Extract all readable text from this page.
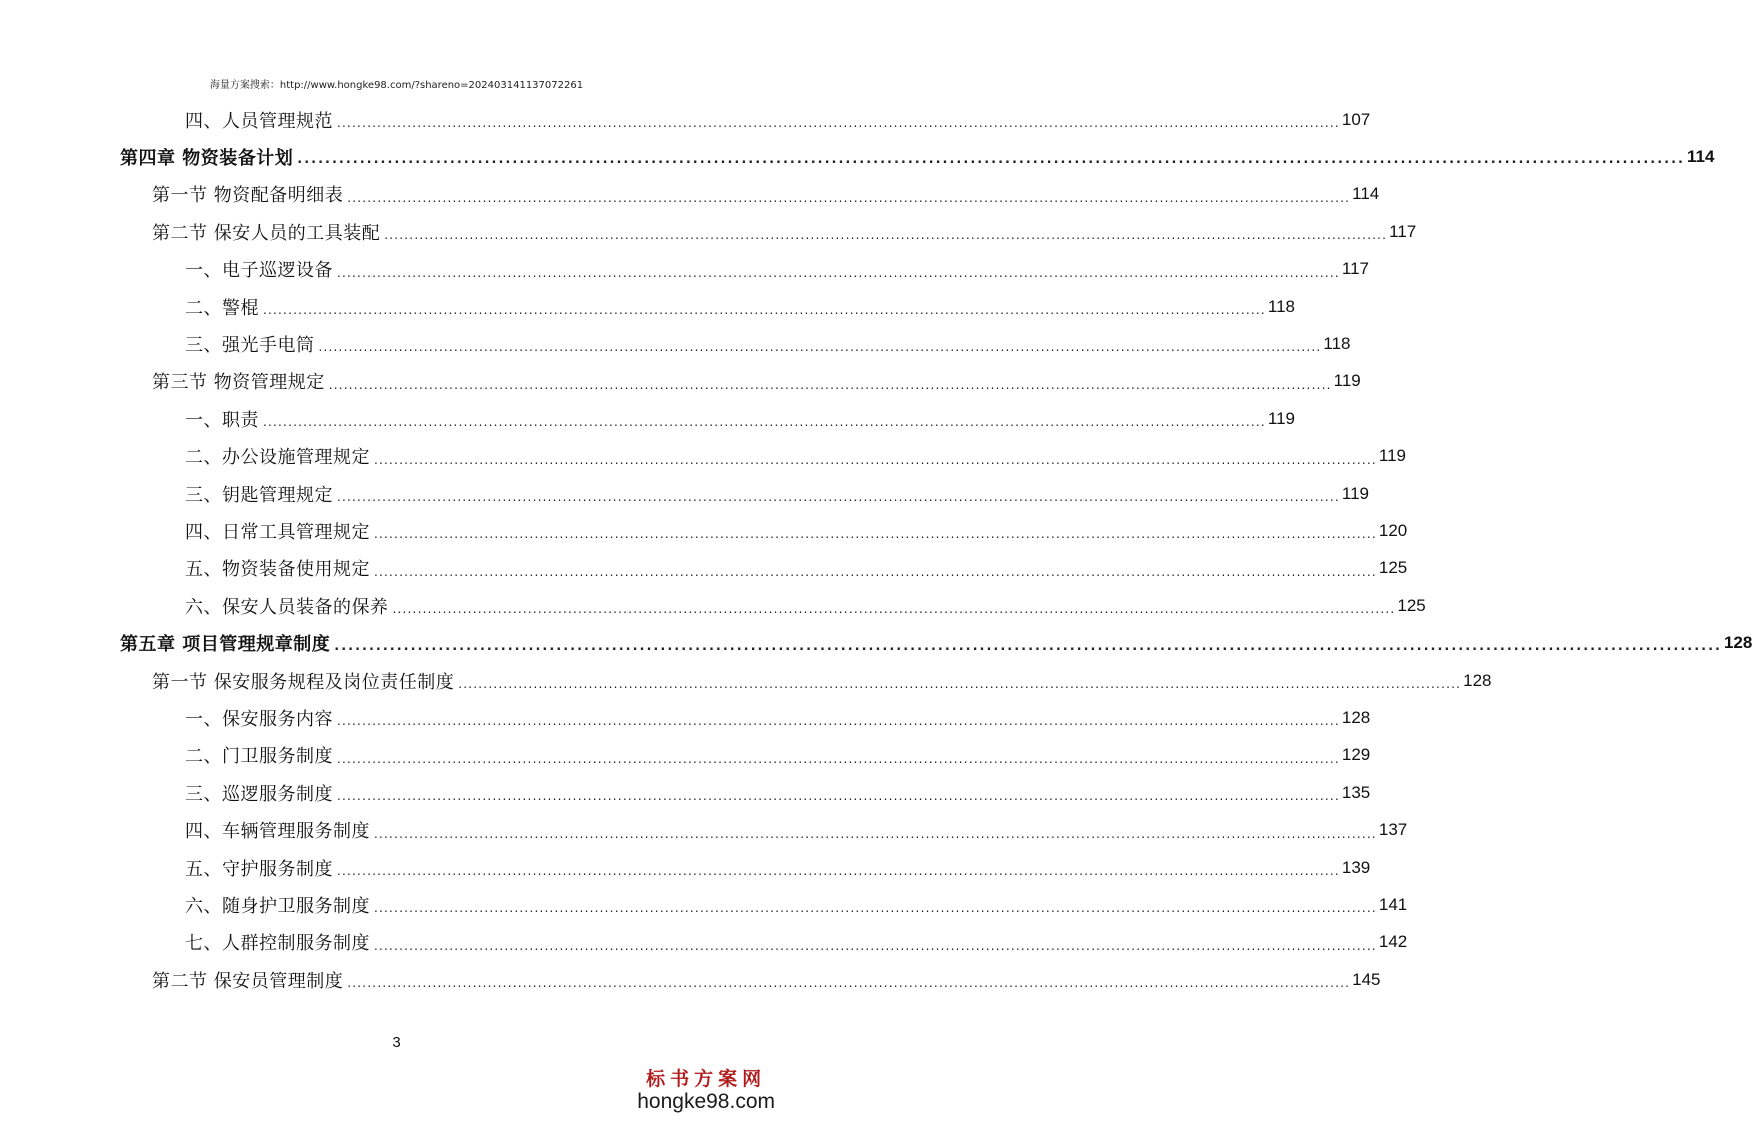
海量方案搜索：http://www.hongke98.com/?shareno=202403141137072261
四、人员管理规范 ........................................................................................................................................................................................................ 107
第四章 物资装备计划 ........................................................................................................................................................................................................ 114
第一节 物资配备明细表 ........................................................................................................................................................................................................ 114
第二节 保安人员的工具装配 ........................................................................................................................................................................................................ 117
一、电子巡逻设备 ........................................................................................................................................................................................................ 117
二、警棍 ........................................................................................................................................................................................................ 118
三、强光手电筒 ........................................................................................................................................................................................................ 118
第三节 物资管理规定 ........................................................................................................................................................................................................ 119
一、职责 ........................................................................................................................................................................................................ 119
二、办公设施管理规定 ........................................................................................................................................................................................................ 119
三、钥匙管理规定 ........................................................................................................................................................................................................ 119
四、日常工具管理规定 ........................................................................................................................................................................................................ 120
五、物资装备使用规定 ........................................................................................................................................................................................................ 125
六、保安人员装备的保养 ........................................................................................................................................................................................................ 125
第五章 项目管理规章制度 ........................................................................................................................................................................................................ 128
第一节 保安服务规程及岗位责任制度 ........................................................................................................................................................................................................ 128
一、保安服务内容 ........................................................................................................................................................................................................ 128
二、门卫服务制度 ........................................................................................................................................................................................................ 129
三、巡逻服务制度 ........................................................................................................................................................................................................ 135
四、车辆管理服务制度 ........................................................................................................................................................................................................ 137
五、守护服务制度 ........................................................................................................................................................................................................ 139
六、随身护卫服务制度 ........................................................................................................................................................................................................ 141
七、人群控制服务制度 ........................................................................................................................................................................................................ 142
第二节 保安员管理制度 ........................................................................................................................................................................................................ 145
3
标书方案网
hongke98.com
